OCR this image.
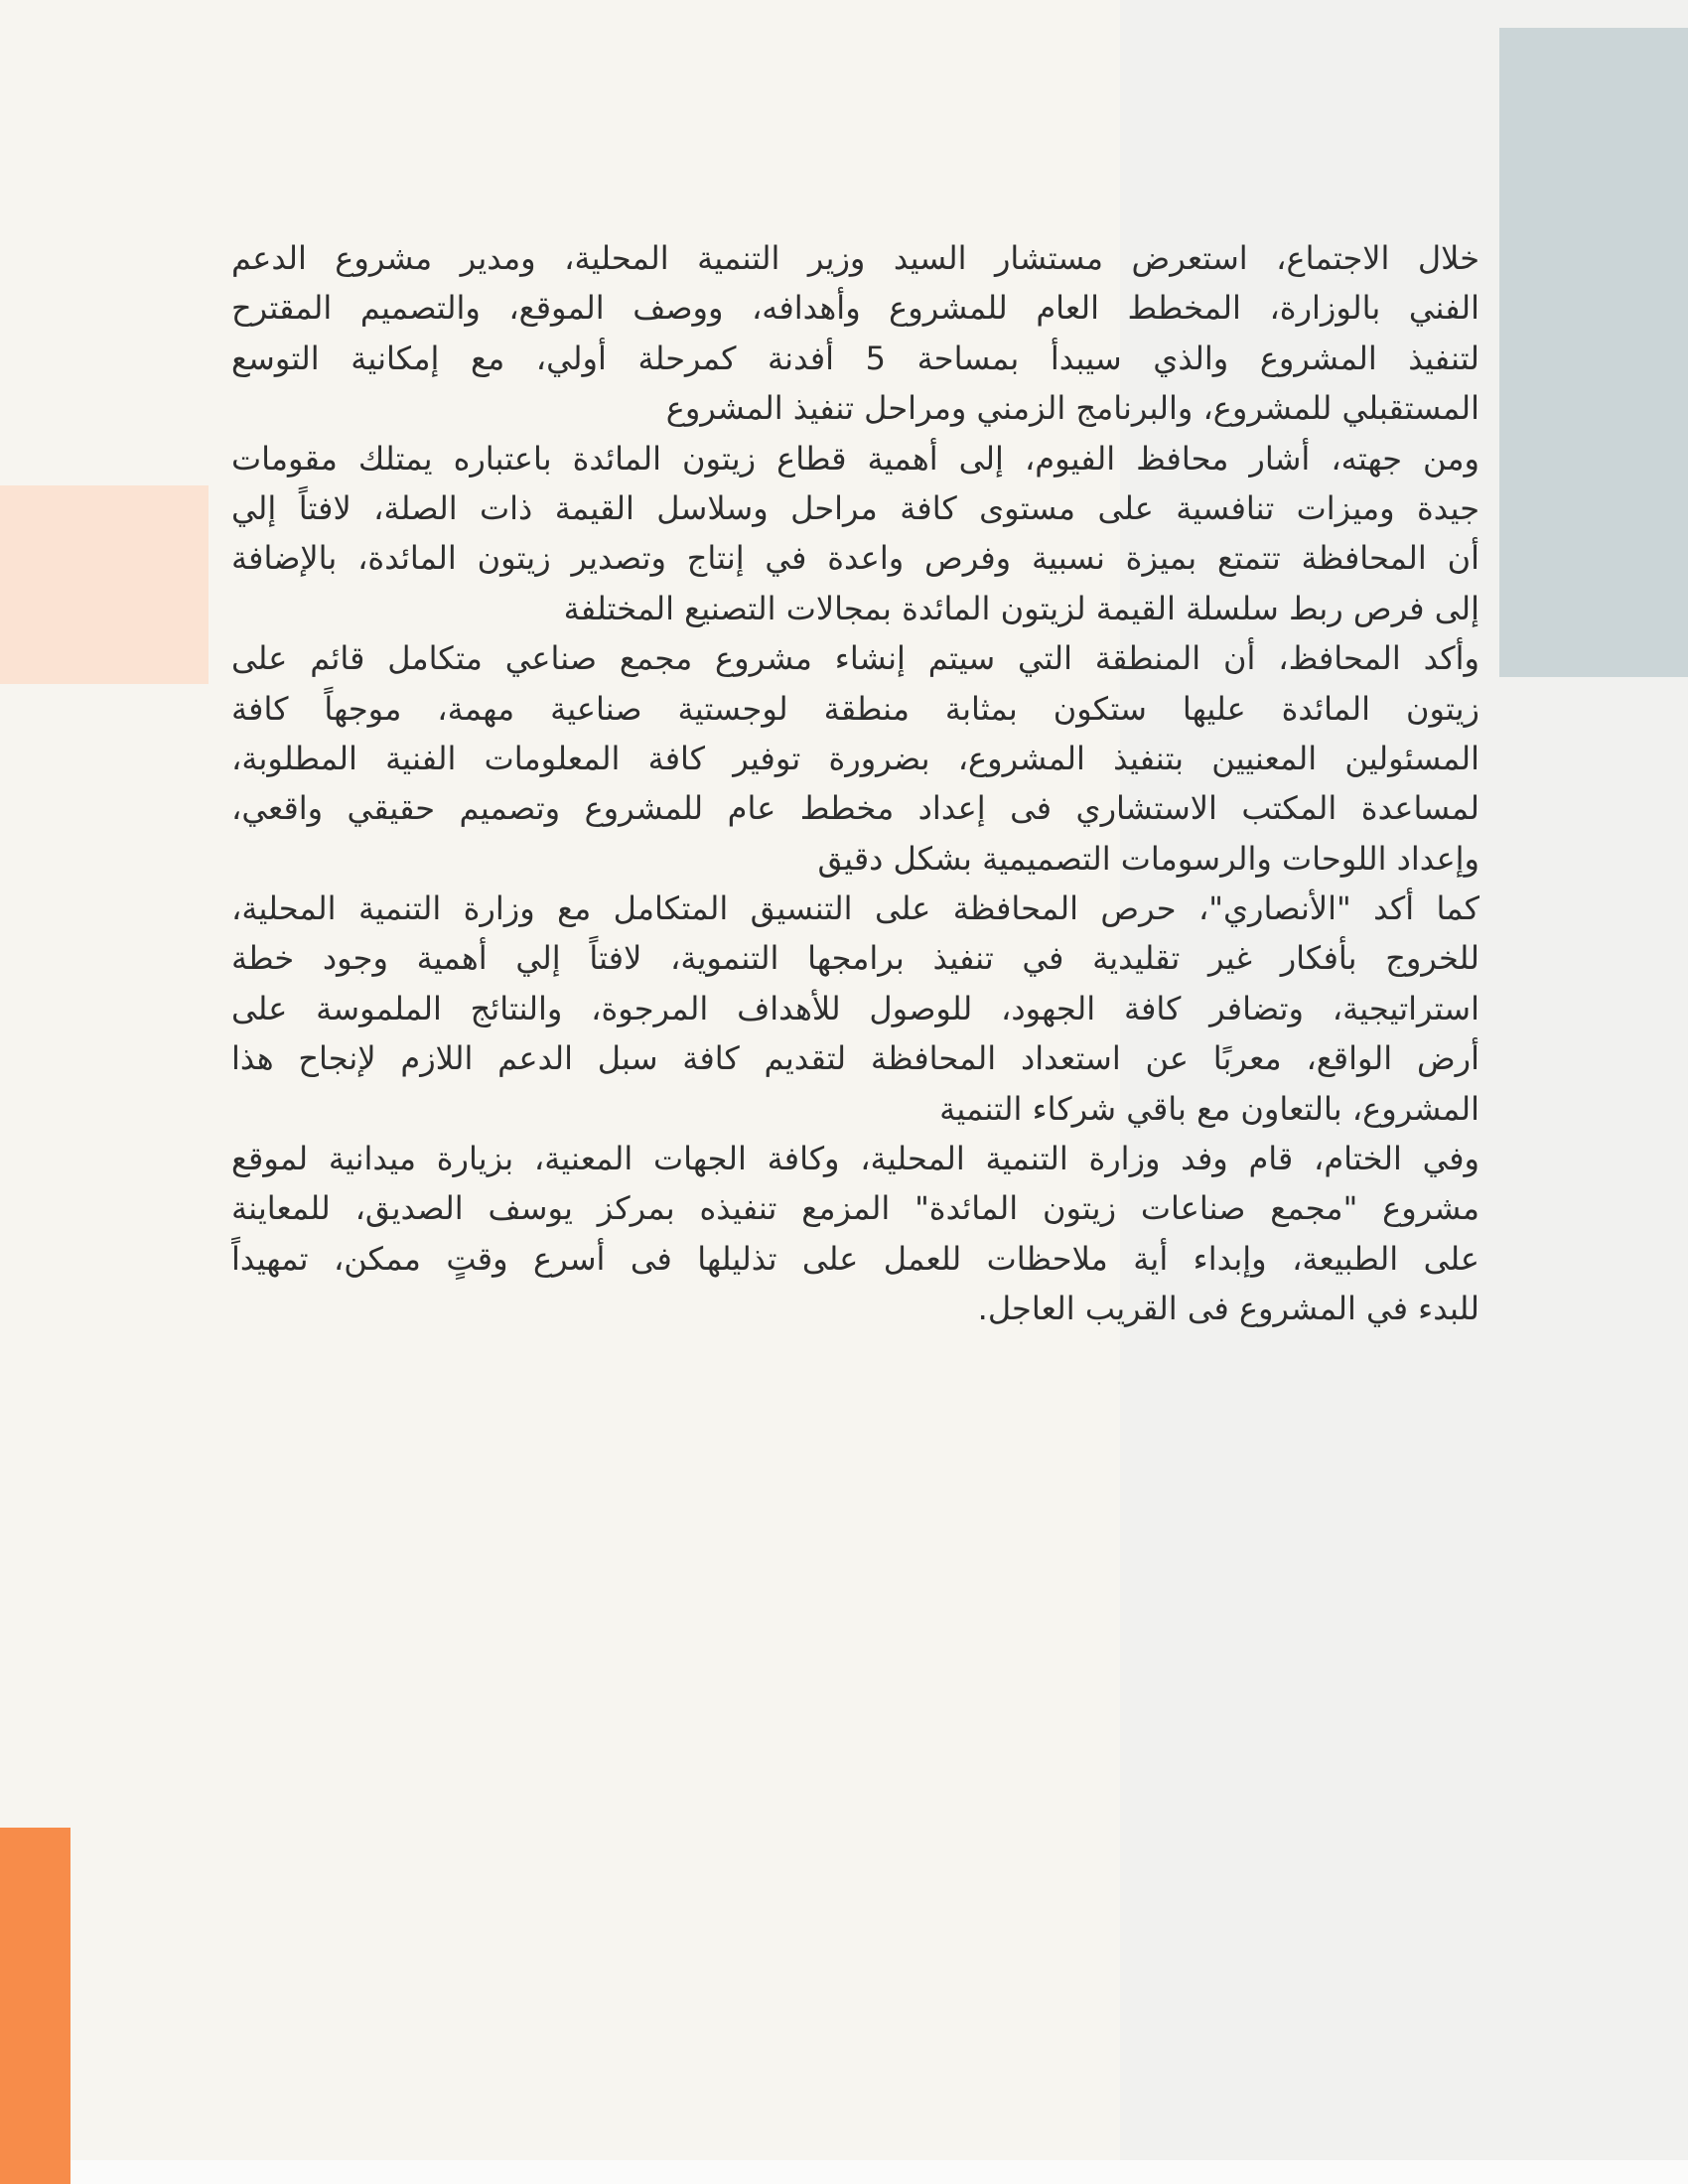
خلال الاجتماع، استعرض مستشار السيد وزير التنمية المحلية، ومدير مشروع الدعم
الفني بالوزارة، المخطط العام للمشروع وأهدافه، ووصف الموقع، والتصميم المقترح
لتنفيذ المشروع والذي سيبدأ بمساحة 5 أفدنة كمرحلة أولي، مع إمكانية التوسع
المستقبلي للمشروع، والبرنامج الزمني ومراحل تنفيذ المشروع
ومن جهته، أشار محافظ الفيوم، إلى أهمية قطاع زيتون المائدة باعتباره يمتلك مقومات
جيدة وميزات تنافسية على مستوى كافة مراحل وسلاسل القيمة ذات الصلة، لافتاً إلي
أن المحافظة تتمتع بميزة نسبية وفرص واعدة في إنتاج وتصدير زيتون المائدة، بالإضافة
إلى فرص ربط سلسلة القيمة لزيتون المائدة بمجالات التصنيع المختلفة
وأكد المحافظ، أن المنطقة التي سيتم إنشاء مشروع مجمع صناعي متكامل قائم على
زيتون المائدة عليها ستكون بمثابة منطقة لوجستية صناعية مهمة، موجهاً كافة
المسئولين المعنيين بتنفيذ المشروع، بضرورة توفير كافة المعلومات الفنية المطلوبة،
لمساعدة المكتب الاستشاري فى إعداد مخطط عام للمشروع وتصميم حقيقي واقعي،
وإعداد اللوحات والرسومات التصميمية بشكل دقيق
كما أكد "الأنصاري"، حرص المحافظة على التنسيق المتكامل مع وزارة التنمية المحلية،
للخروج بأفكار غير تقليدية في تنفيذ برامجها التنموية، لافتاً إلي أهمية وجود خطة
استراتيجية، وتضافر كافة الجهود، للوصول للأهداف المرجوة، والنتائج الملموسة على
أرض الواقع، معربًا عن استعداد المحافظة لتقديم كافة سبل الدعم اللازم لإنجاح هذا
المشروع، بالتعاون مع باقي شركاء التنمية
وفي الختام، قام وفد وزارة التنمية المحلية، وكافة الجهات المعنية، بزيارة ميدانية لموقع
مشروع "مجمع صناعات زيتون المائدة" المزمع تنفيذه بمركز يوسف الصديق، للمعاينة
على الطبيعة، وإبداء أية ملاحظات للعمل على تذليلها فى أسرع وقتٍ ممكن، تمهيداً
للبدء في المشروع فى القريب العاجل.
